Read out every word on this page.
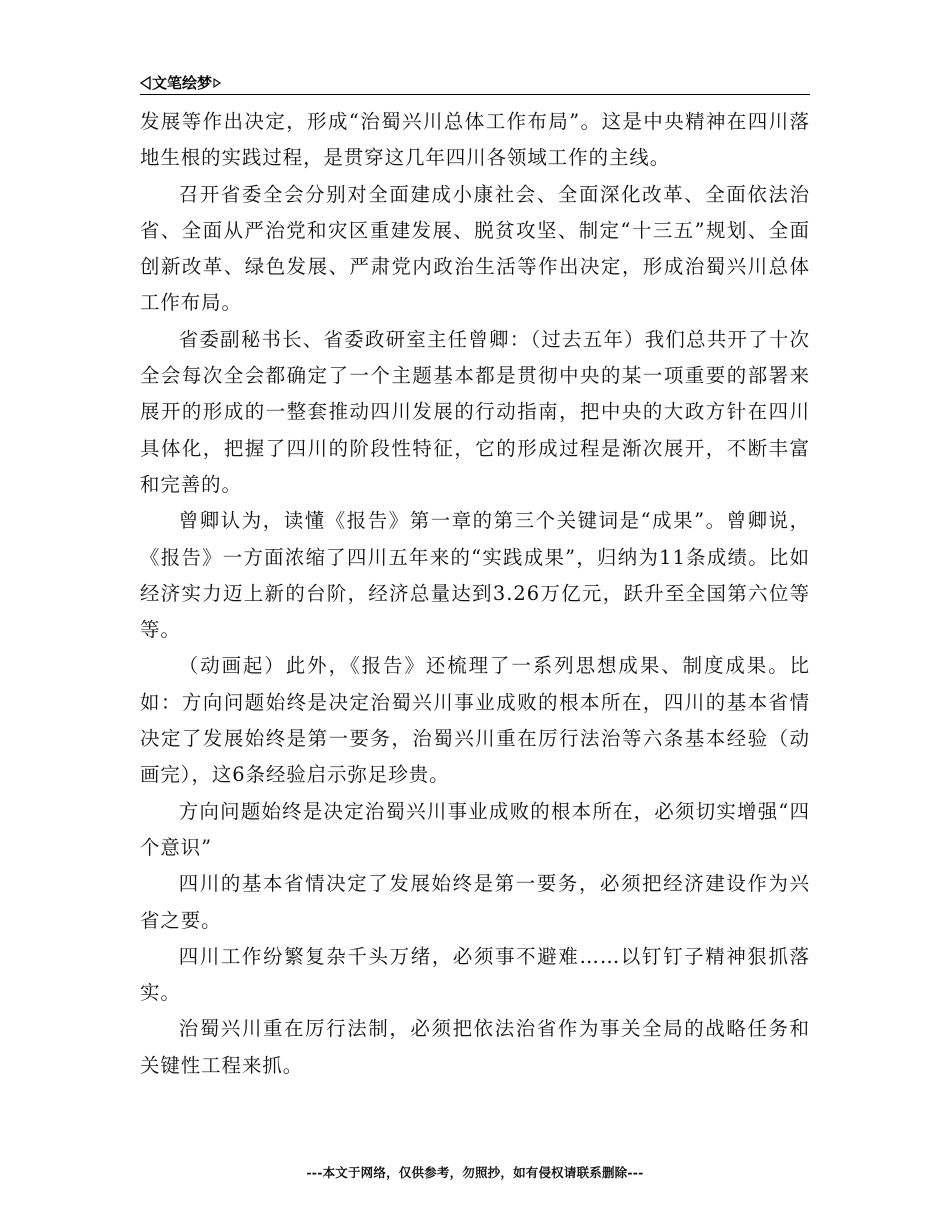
文笔绘梦

发展等作出决定，形成“治蜀兴川总体工作布局”。这是中央精神在四川落地生根的实践过程，是贯穿这几年四川各领域工作的主线。

召开省委全会分别对全面建成小康社会、全面深化改革、全面依法治省、全面从严治党和灾区重建发展、脱贫攻坚、制定“十三五”规划、全面创新改革、绿色发展、严肃党内政治生活等作出决定，形成治蜀兴川总体工作布局。

省委副秘书长、省委政研室主任曾卿：（过去五年）我们总共开了十次全会每次全会都确定了一个主题基本都是贯彻中央的某一项重要的部署来展开的形成的一整套推动四川发展的行动指南，把中央的大政方针在四川具体化，把握了四川的阶段性特征，它的形成过程是渐次展开，不断丰富和完善的。

曾卿认为，读懂《报告》第一章的第三个关键词是“成果”。曾卿说，《报告》一方面浓缩了四川五年来的“实践成果”，归纳为11条成绩。比如经济实力迈上新的台阶，经济总量达到3.26万亿元，跃升至全国第六位等等。

（动画起）此外，《报告》还梳理了一系列思想成果、制度成果。比如：方向问题始终是决定治蜀兴川事业成败的根本所在，四川的基本省情决定了发展始终是第一要务，治蜀兴川重在厉行法治等六条基本经验（动画完），这6条经验启示弥足珍贵。

方向问题始终是决定治蜀兴川事业成败的根本所在，必须切实增强“四个意识”

四川的基本省情决定了发展始终是第一要务，必须把经济建设作为兴省之要。

四川工作纷繁复杂千头万绪，必须事不避难……以钉钉子精神狠抓落实。

治蜀兴川重在厉行法制，必须把依法治省作为事关全局的战略任务和关键性工程来抓。

---本文于网络，仅供参考，勿照抄，如有侵权请联系删除---
